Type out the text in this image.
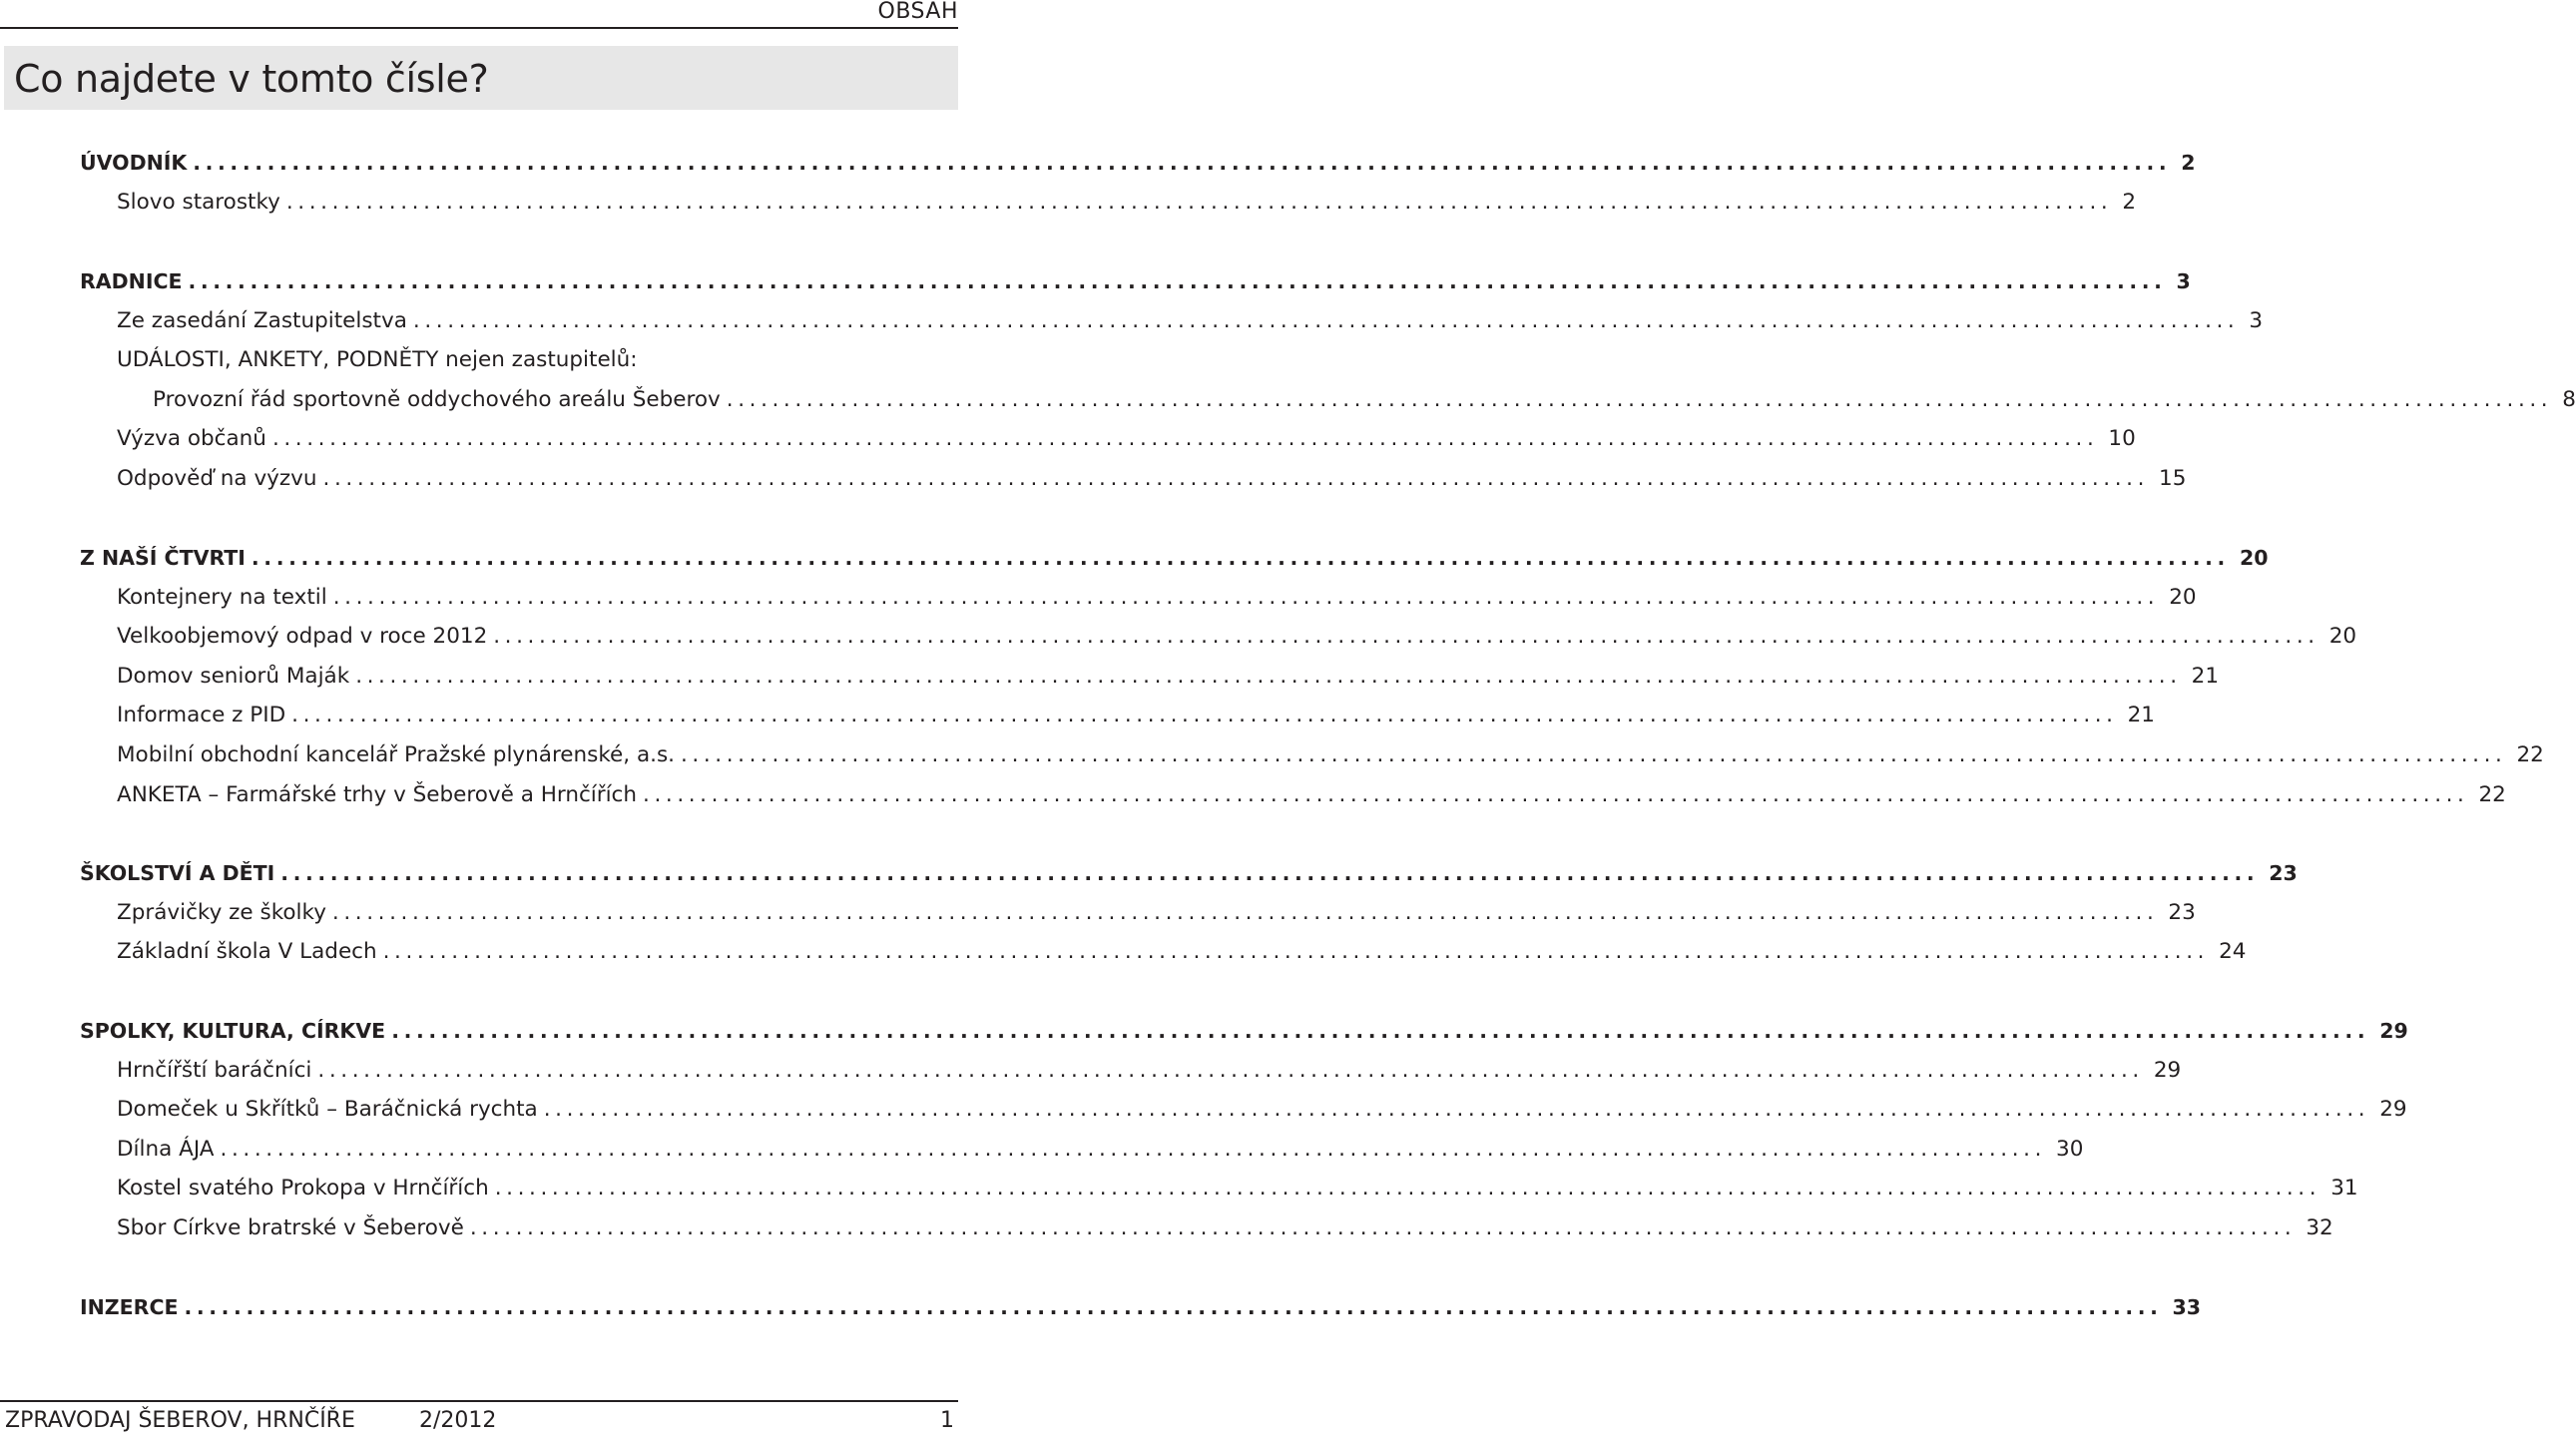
OBSAH
Co najdete v tomto čísle?
ÚVODNÍK ................................................................................................................................................................ 2
Slovo starostky ................................................................................................................................................................ 2
RADNICE ................................................................................................................................................................ 3
Ze zasedání Zastupitelstva ................................................................................................................................................................ 3
UDÁLOSTI, ANKETY, PODNĚTY nejen zastupitelů:
Provozní řád sportovně oddychového areálu Šeberov ................................................................................................................................................................ 8
Výzva občanů ................................................................................................................................................................ 10
Odpověď na výzvu ................................................................................................................................................................ 15
Z NAŠÍ ČTVRTI ................................................................................................................................................................ 20
Kontejnery na textil ................................................................................................................................................................ 20
Velkoobjemový odpad v roce 2012 ................................................................................................................................................................ 20
Domov seniorů Maják ................................................................................................................................................................ 21
Informace z PID ................................................................................................................................................................ 21
Mobilní obchodní kancelář Pražské plynárenské, a.s. ................................................................................................................................................................ 22
ANKETA – Farmářské trhy v Šeberově a Hrnčířích ................................................................................................................................................................ 22
ŠKOLSTVÍ A DĚTI ................................................................................................................................................................ 23
Zprávičky ze školky ................................................................................................................................................................ 23
Základní škola V Ladech ................................................................................................................................................................ 24
SPOLKY, KULTURA, CÍRKVE ................................................................................................................................................................ 29
Hrnčířští baráčníci ................................................................................................................................................................ 29
Domeček u Skřítků – Baráčnická rychta ................................................................................................................................................................ 29
Dílna ÁJA ................................................................................................................................................................ 30
Kostel svatého Prokopa v Hrnčířích ................................................................................................................................................................ 31
Sbor Církve bratrské v Šeberově ................................................................................................................................................................ 32
INZERCE ................................................................................................................................................................ 33
ZPRAVODAJ ŠEBEROV, HRNČÍŘE	2/2012	1
